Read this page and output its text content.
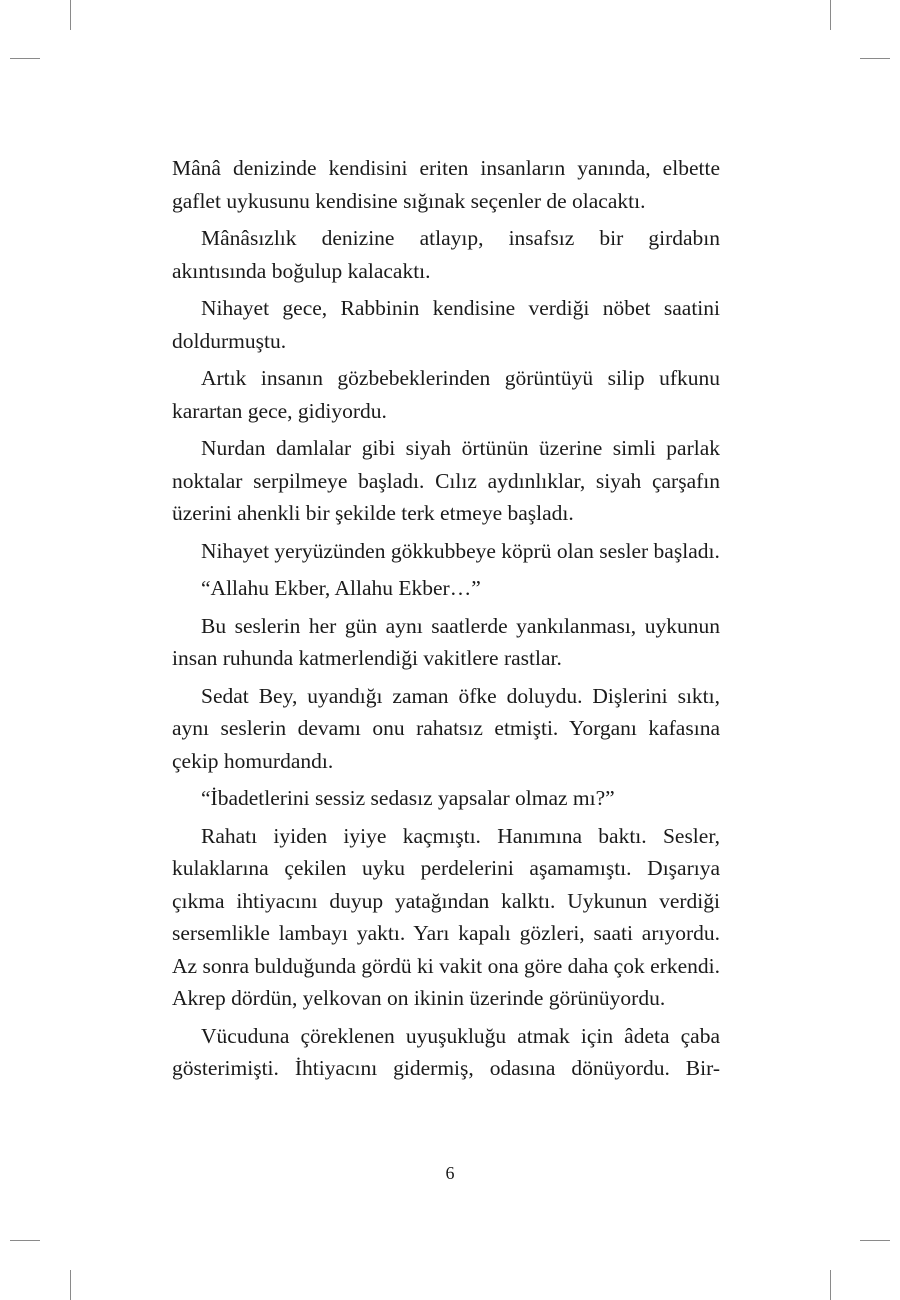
Mânâ denizinde kendisini eriten insanların yanında, elbette gaflet uykusunu kendisine sığınak seçenler de olacaktı.

Mânâsızlık denizine atlayıp, insafsız bir girdabın akıntısında boğulup kalacaktı.

Nihayet gece, Rabbinin kendisine verdiği nöbet saatini doldurmuştu.

Artık insanın gözbebeklerinden görüntüyü silip ufkunu karartan gece, gidiyordu.

Nurdan damlalar gibi siyah örtünün üzerine simli parlak noktalar serpilmeye başladı. Cılız aydınlıklar, siyah çarşafın üzerini ahenkli bir şekilde terk etmeye başladı.

Nihayet yeryüzünden gökkubbeye köprü olan sesler başladı.

“Allahu Ekber, Allahu Ekber…”

Bu seslerin her gün aynı saatlerde yankılanması, uykunun insan ruhunda katmerlendiği vakitlere rastlar.

Sedat Bey, uyandığı zaman öfke doluydu. Dişlerini sıktı, aynı seslerin devamı onu rahatsız etmişti. Yorganı kafasına çekip homurdandı.

“İbadetlerini sessiz sedasız yapsalar olmaz mı?”

Rahatı iyiden iyiye kaçmıştı. Hanımına baktı. Sesler, kulaklarına çekilen uyku perdelerini aşamamıştı. Dışarıya çıkma ihtiyacını duyup yatağından kalktı. Uykunun verdiği sersemlikle lambayı yaktı. Yarı kapalı gözleri, saati arıyordu. Az sonra bulduğunda gördü ki vakit ona göre daha çok erkendi. Akrep dördün, yelkovan on ikinin üzerinde görünüyordu.

Vücuduna çöreklenen uyuşukluğu atmak için âdeta çaba gösterimişti. İhtiyacını gidermiş, odasına dönüyordu. Bir-

6
